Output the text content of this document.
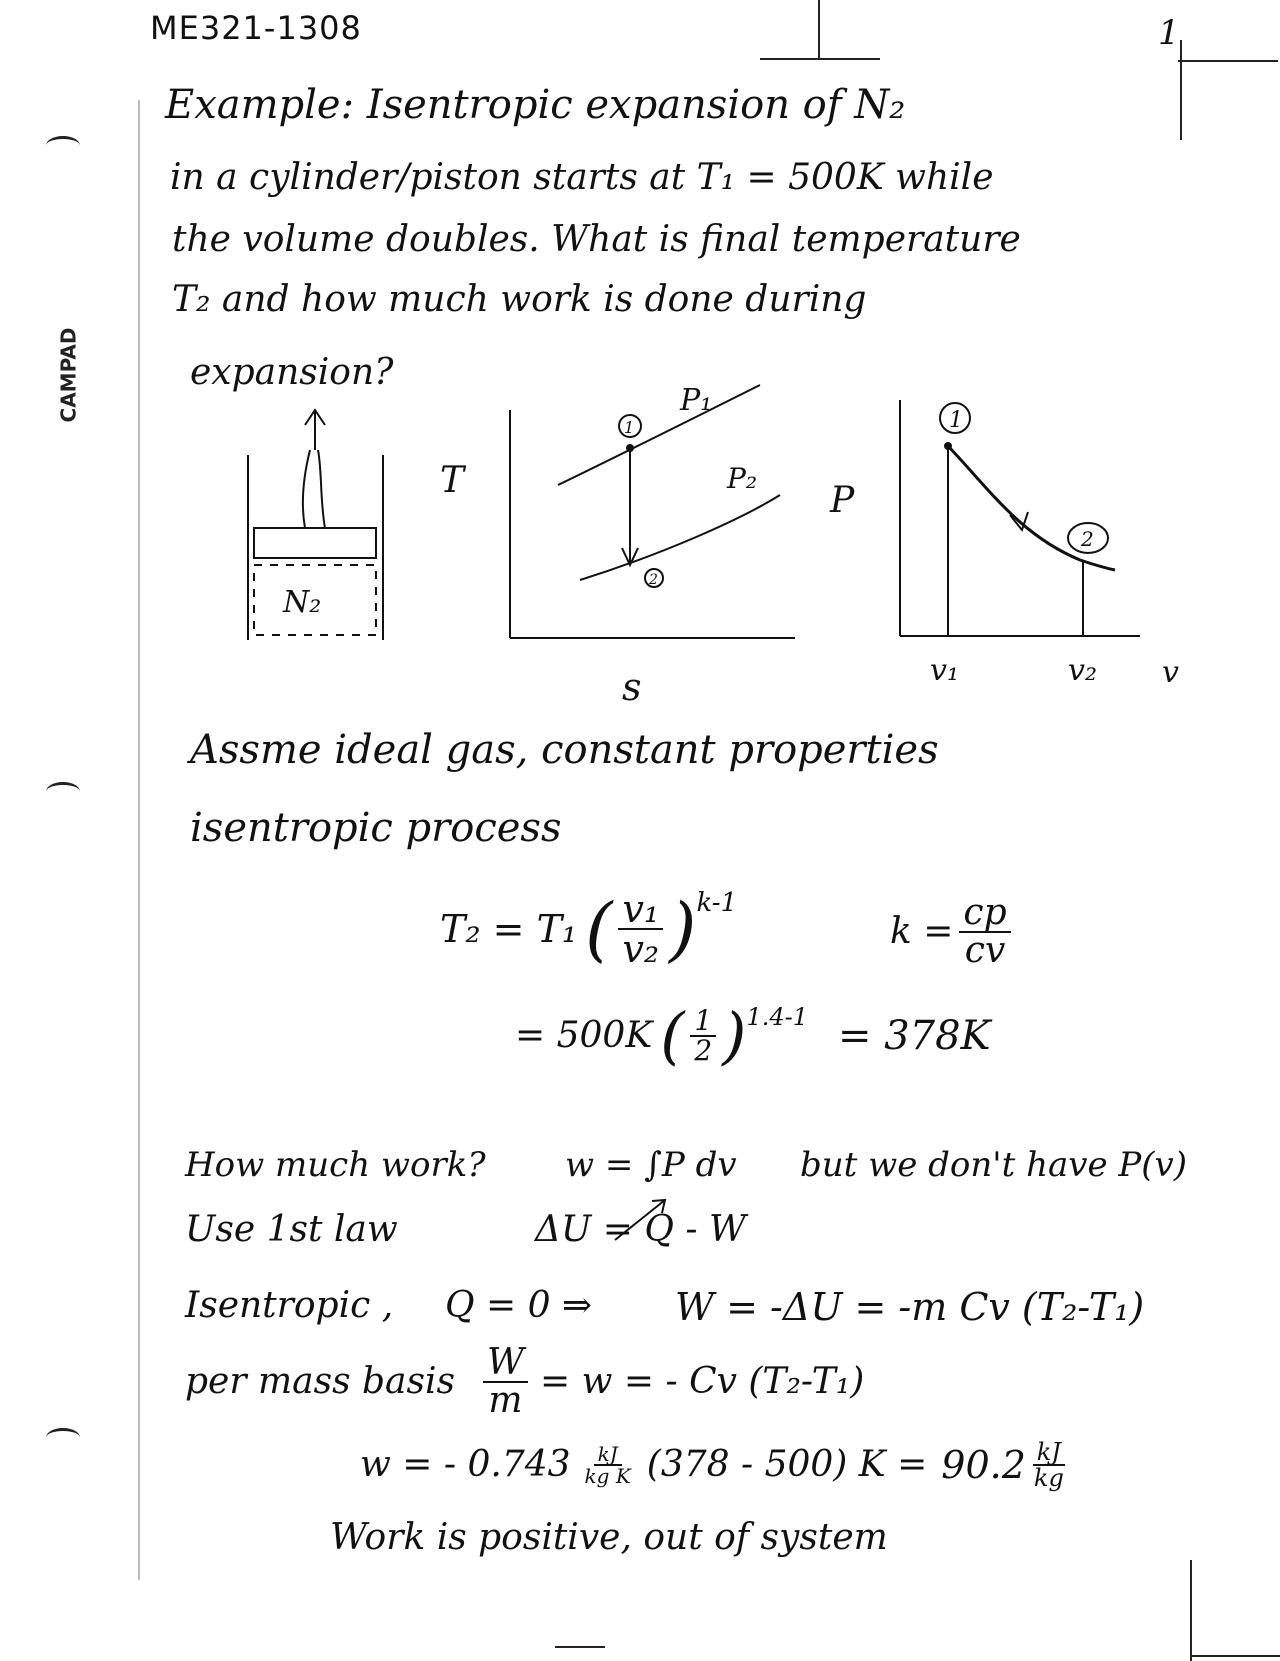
ME321-1308	1
CAMPAD
Example: Isentropic expansion of N₂
in a cylinder/piston starts at T₁ = 500K while
the volume doubles. What is final temperature
T₂ and how much work is done during
expansion?
N₂
T
s
1
2
P₁
P₂
P
v
1
2
v₁	v₂
Assme ideal gas, constant properties
isentropic process
T₂ = T₁ ( $\frac{\text{v₁}}{\text{v₂}}$ ) k-1
$k = \frac{cp}{cv}$
= 500K ( $\frac{1}{2}$ ) 1.4-1 = 378K
How much work? w = ∫P dv but we don't have P(v)
Use 1st law	ΔU = Q - W
Isentropic , Q = 0 ⇒ W = -ΔU = -m Cv (T₂-T₁)
per mass basis $\frac{W}{m} = w$ = - Cv (T₂-T₁)
w = - $0.743 \frac{kJ}{\text{kg K}} (378 - 500) K = 90.2 \frac{kJ}{kg}$
Work is positive, out of system
